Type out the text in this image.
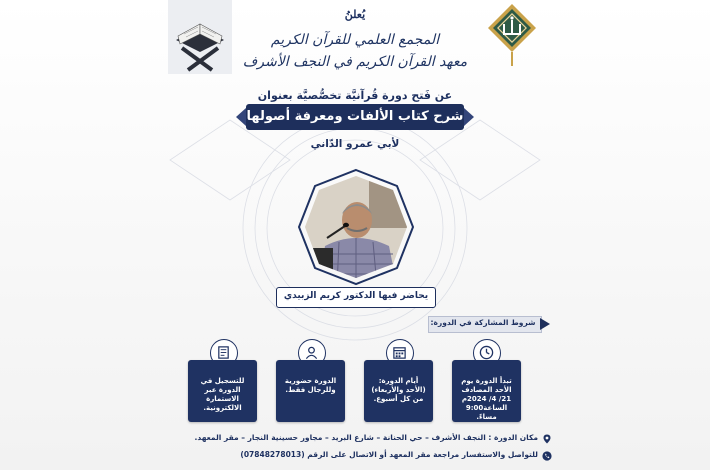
يُعلنُ
المجمع العلمي للقرآن الكريم
معهد القرآن الكريم في النجف الأشرف
عن فَتح دورة قُرآنيَّة تخصُّصيَّة بعنوان
شرح كتاب الألفات ومعرفة أصولها
لأبي عمرو الدّاني
يحاضر فيها الدكتور كريم الزبيدي
شروط المشاركة في الدورة:
تبدأ الدورة يوم الأحد المصادف 21/ 4/ 2024م الساعة9:00 مساءً.
أيام الدورة: (الأحد والأربعاء) من كل أسبوع.
الدورة حضورية وللرجال فقط.
للتسجيل في الدورة عبر الاستمارة الالكترونية.
مكان الدورة : النجف الأشرف – حي الحنانة – شارع البريد – مجاور حسينية النجار – مقر المعهد.
للتواصل والاستفسار مراجعة مقر المعهد أو الاتصال على الرقم (07848278013)
